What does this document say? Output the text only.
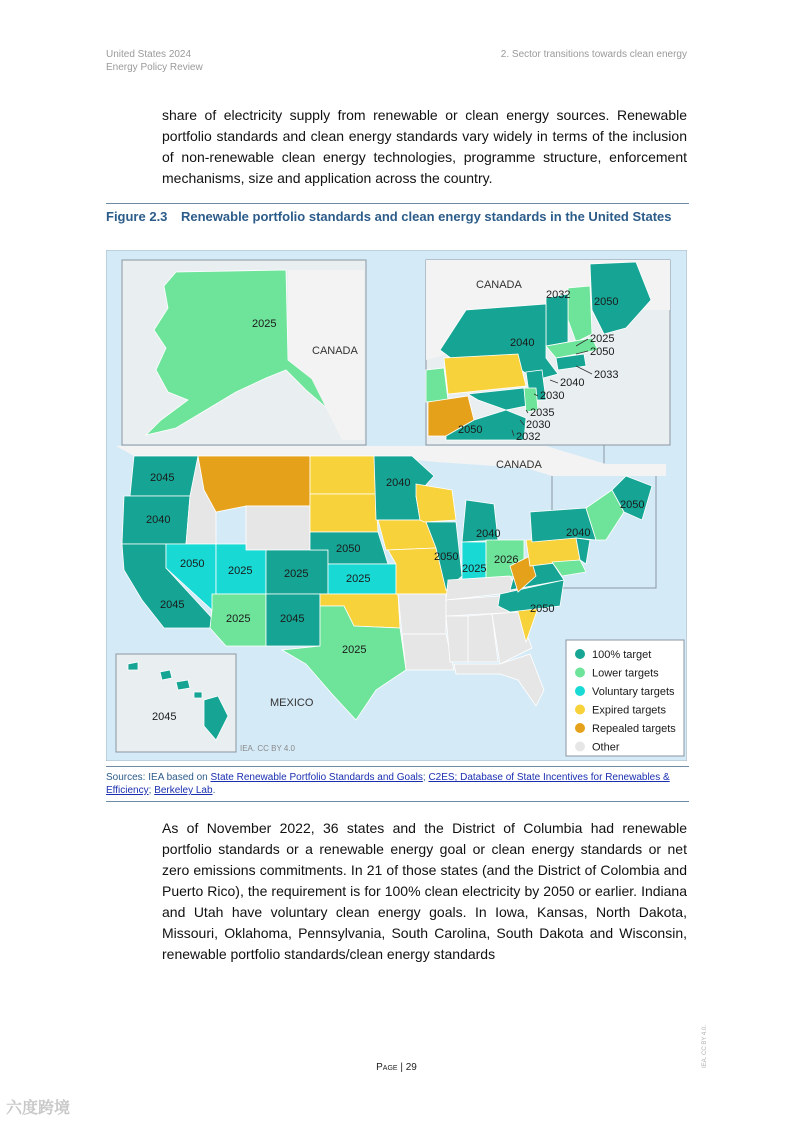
United States 2024
Energy Policy Review
2. Sector transitions towards clean energy

share of electricity supply from renewable or clean energy sources. Renewable portfolio standards and clean energy standards vary widely in terms of the inclusion of non-renewable clean energy technologies, programme structure, enforcement mechanisms, size and application across the country.

Figure 2.3 Renewable portfolio standards and clean energy standards in the United States
2025
CANADA
CANADA
2032
2050
2040	2025
2050
2033
2040
2030
2035
2030
2050
2032
CANADA
2045
2045
2040
2050
2045
2025
2025
2025
2045
2050
2025
2025
2040
2040
2050
2025
2026
2050
2040
2050
MEXICO
100% target
Lower targets
Voluntary targets
Expired targets
Repealed targets
Other
IEA. CC BY 4.0
Sources: IEA based on State Renewable Portfolio Standards and Goals; C2ES; Database of State Incentives for Renewables & Efficiency; Berkeley Lab.

As of November 2022, 36 states and the District of Columbia had renewable portfolio standards or a renewable energy goal or clean energy standards or net zero emissions commitments. In 21 of those states (and the District of Colombia and Puerto Rico), the requirement is for 100% clean electricity by 2050 or earlier. Indiana and Utah have voluntary clean energy goals. In Iowa, Kansas, North Dakota, Missouri, Oklahoma, Pennsylvania, South Carolina, South Dakota and Wisconsin, renewable portfolio standards/clean energy standards

Page | 29	IEA. CC BY 4.0.
六度跨境
